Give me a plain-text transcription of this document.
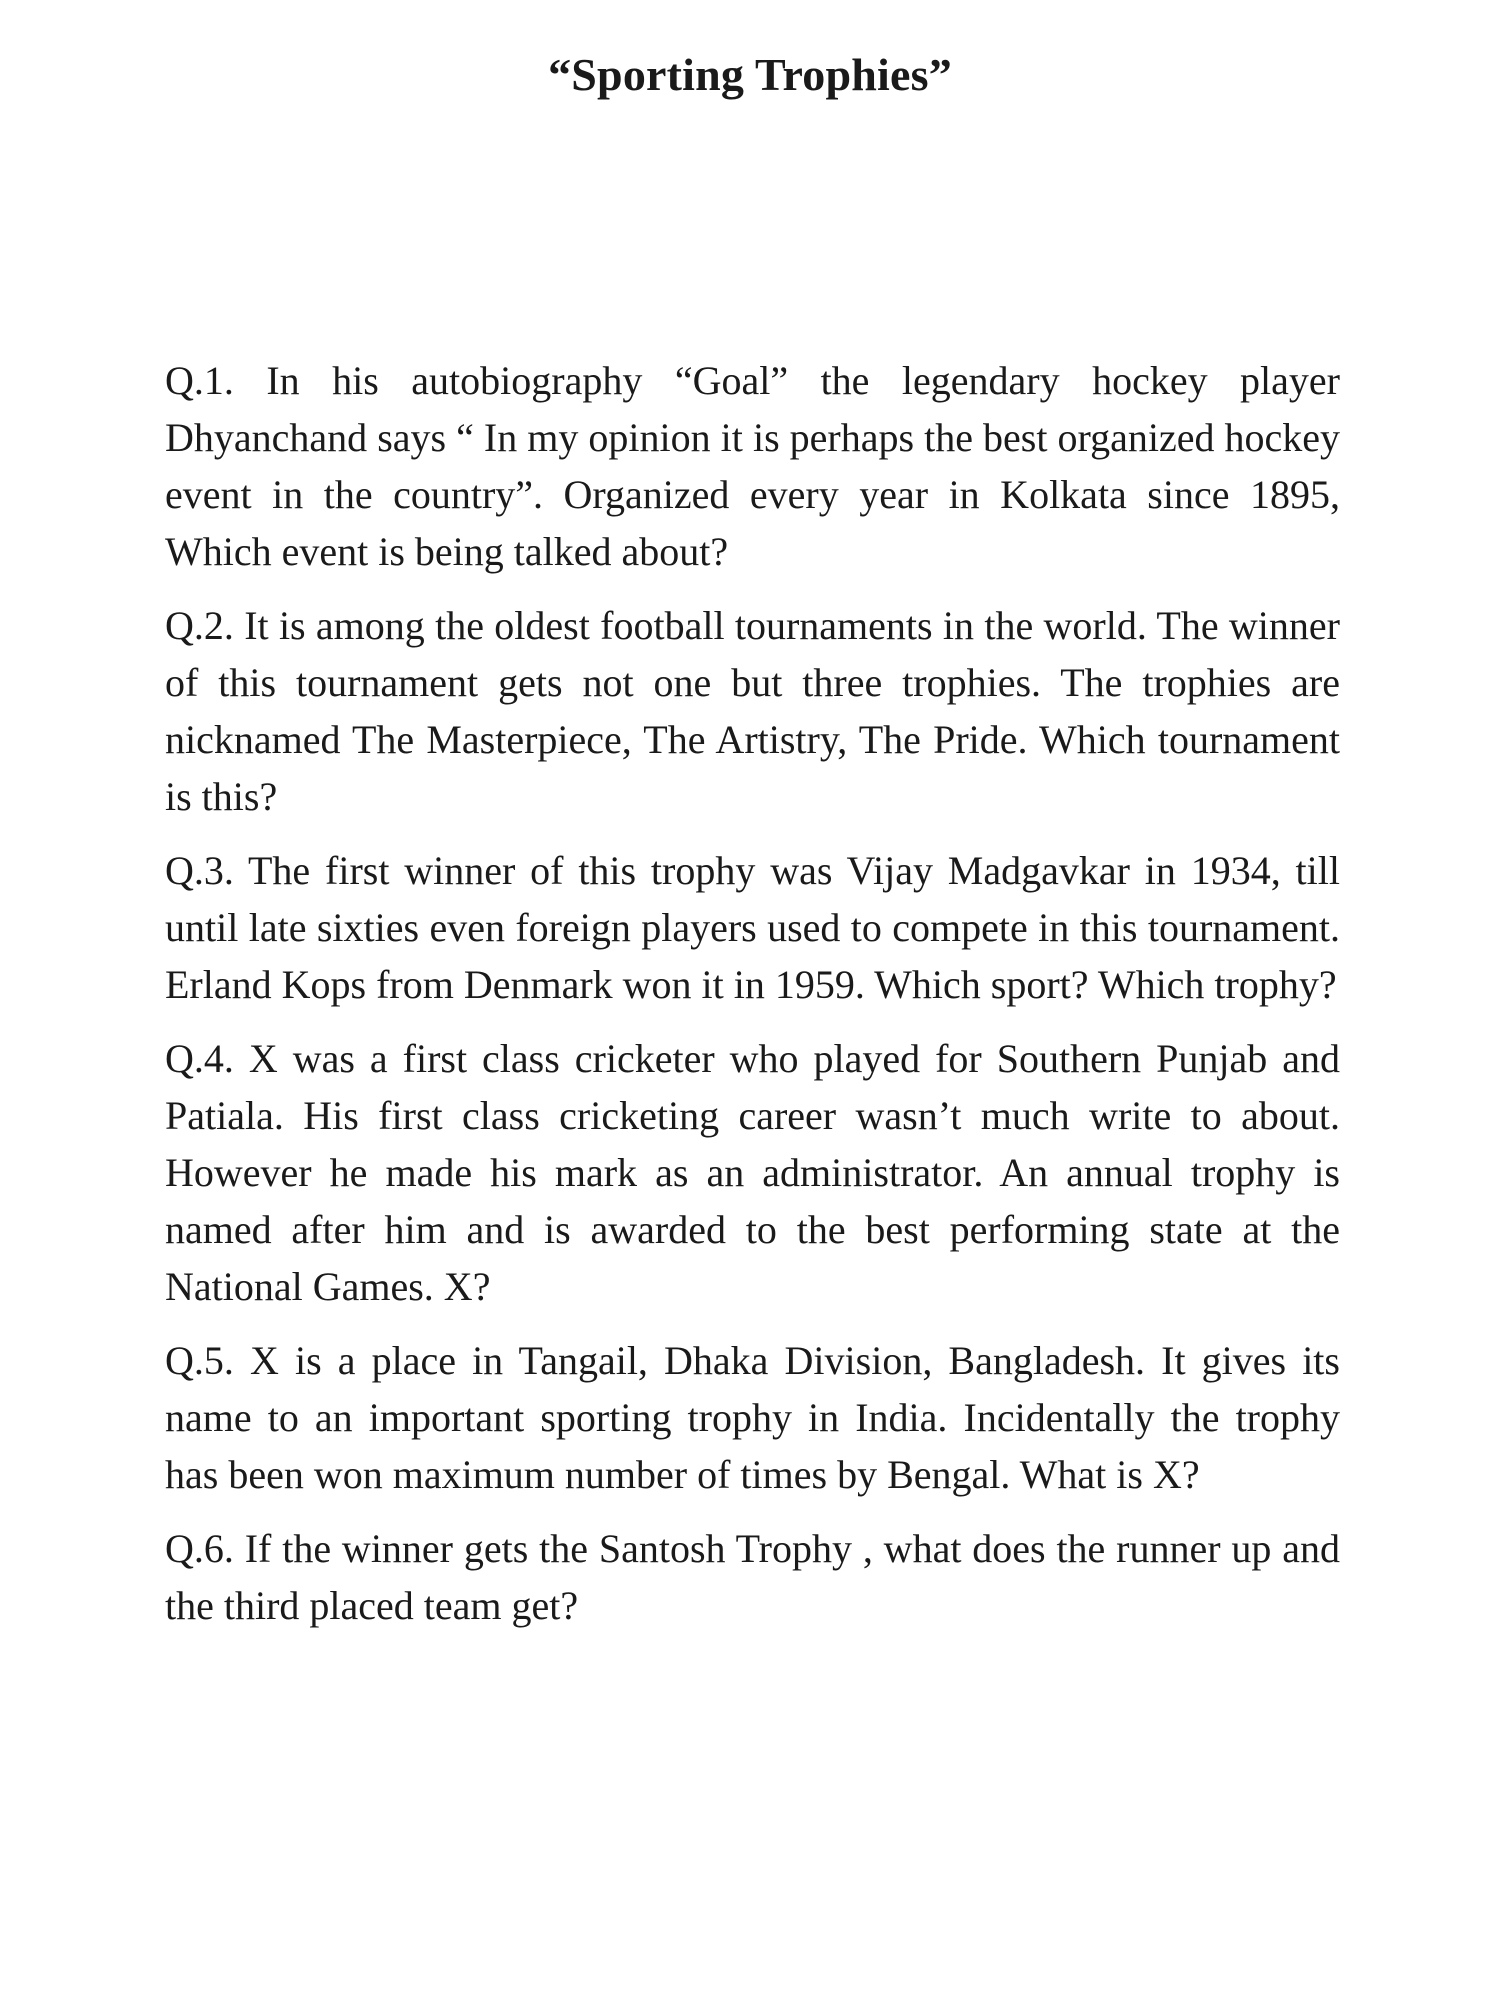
“Sporting Trophies”

Q.1. In his autobiography “Goal” the legendary hockey player Dhyanchand says “ In my opinion it is perhaps the best organized hockey event in the country”. Organized every year in Kolkata since 1895, Which event is being talked about?

Q.2. It is among the oldest football tournaments in the world. The winner of this tournament gets not one but three trophies. The trophies are nicknamed The Masterpiece, The Artistry, The Pride. Which tournament is this?

Q.3. The first winner of this trophy was Vijay Madgavkar in 1934, till until late sixties even foreign players used to compete in this tournament. Erland Kops from Denmark won it in 1959. Which sport? Which trophy?

Q.4. X was a first class cricketer who played for Southern Punjab and Patiala. His first class cricketing career wasn’t much write to about. However he made his mark as an administrator. An annual trophy is named after him and is awarded to the best performing state at the National Games. X?

Q.5. X is a place in Tangail, Dhaka Division, Bangladesh. It gives its name to an important sporting trophy in India. Incidentally the trophy has been won maximum number of times by Bengal. What is X?

Q.6. If the winner gets the Santosh Trophy , what does the runner up and the third placed team get?
